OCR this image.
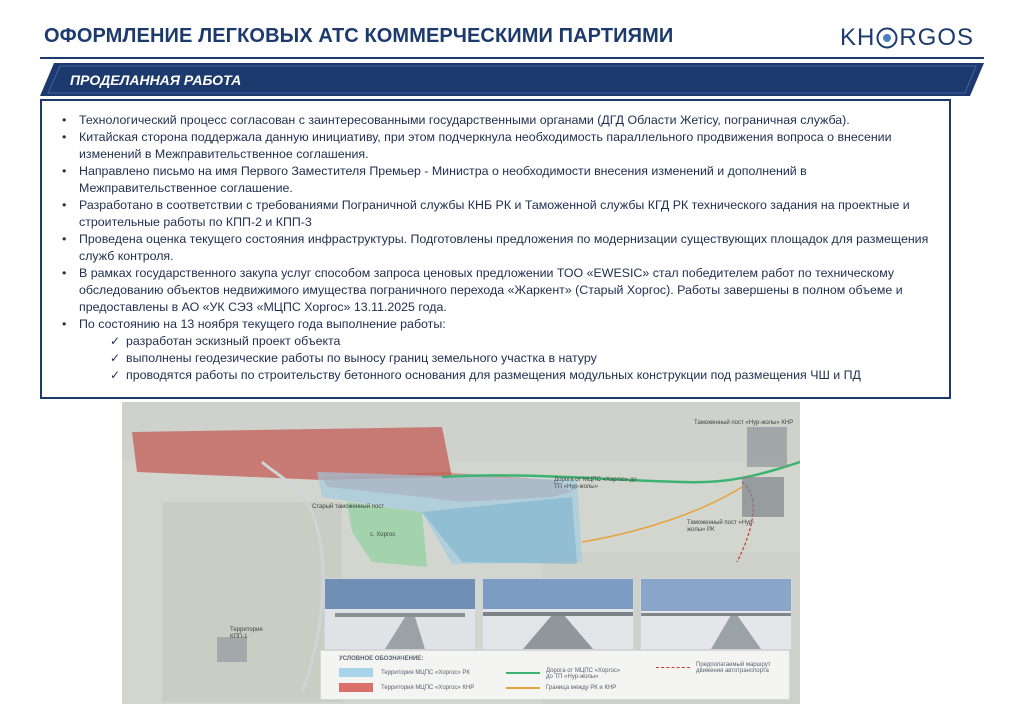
ОФОРМЛЕНИЕ ЛЕГКОВЫХ АТС КОММЕРЧЕСКИМИ ПАРТИЯМИ	KH RGOS
ПРОДЕЛАННАЯ РАБОТА
• Технологический процесс согласован с заинтересованными государственными органами (ДГД Области Жетісу, пограничная служба).
• Китайская сторона поддержала данную инициативу, при этом подчеркнула необходимость параллельного продвижения вопроса о внесении изменений в Межправительственное соглашения.
• Направлено письмо на имя Первого Заместителя Премьер - Министра о необходимости внесения изменений и дополнений в Межправительственное соглашение.
• Разработано в соответствии с требованиями Пограничной службы КНБ РК и Таможенной службы КГД РК технического задания на проектные и строительные работы по КПП-2 и КПП-3
• Проведена оценка текущего состояния инфраструктуры. Подготовлены предложения по модернизации существующих площадок для размещения служб контроля.
• В рамках государственного закупа услуг способом запроса ценовых предложении ТОО «EWESIC» стал победителем работ по техническому обследованию объектов недвижимого имущества пограничного перехода «Жаркент» (Старый Хоргос). Работы завершены в полном объеме и предоставлены в АО «УК СЭЗ «МЦПС Хоргос» 13.11.2025 года.
• По состоянию на 13 ноября текущего года выполнение работы:
✓ разработан эскизный проект объекта
✓ выполнены геодезические работы по выносу границ земельного участка в натуру
✓ проводятся работы по строительству бетонного основания для размещения модульных конструкции под размещения ЧШ и ПД
Таможенный пост «Нур-жолы» КНР
Старый таможенный пост
с. Хоргос
Таможенный пост «Нур-жолы» РК
Дорога от МЦПС «Хоргос» до ТП «Нур-жолы»
Территория КПП-1
УСЛОВНОЕ ОБОЗНАЧЕНИЕ:
Территория МЦПС «Хоргос» РК
Территория МЦПС «Хоргос» КНР
Дорога от МЦПС «Хоргос» до ТП «Нур-жолы»
Граница между РК и КНР
Предполагаемый маршрут движения автотранспорта
